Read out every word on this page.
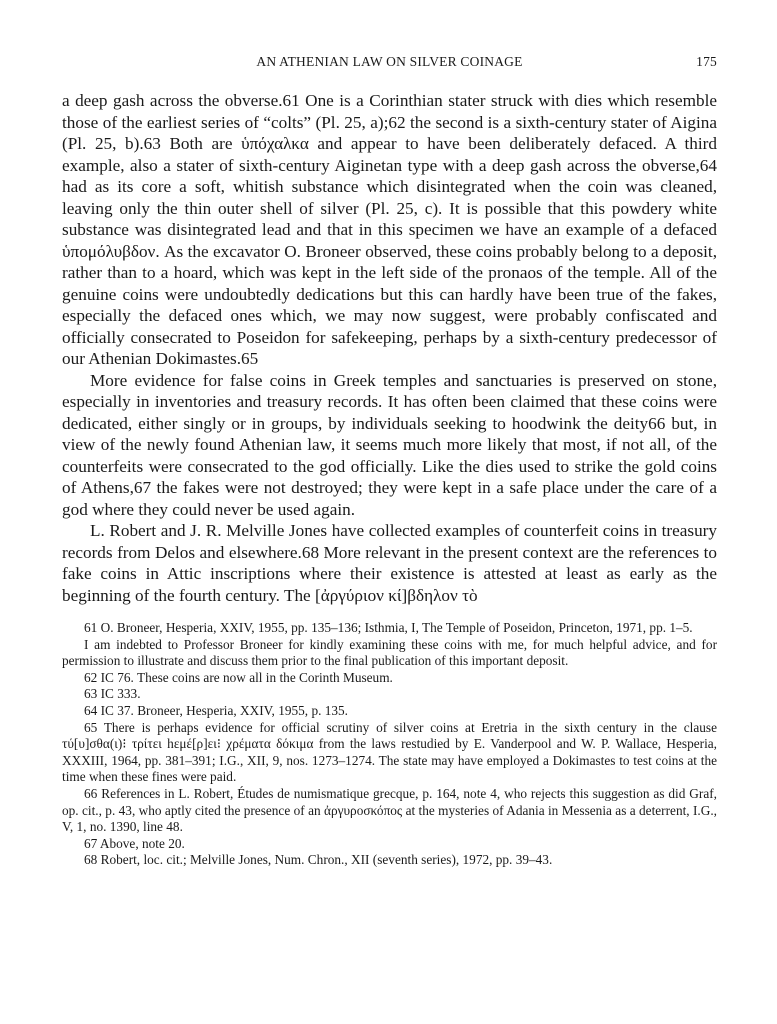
AN ATHENIAN LAW ON SILVER COINAGE	175

a deep gash across the obverse.61 One is a Corinthian stater struck with dies which resemble those of the earliest series of “colts” (Pl. 25, a);62 the second is a sixth-century stater of Aigina (Pl. 25, b).63 Both are ὑπόχαλκα and appear to have been deliberately defaced. A third example, also a stater of sixth-century Aiginetan type with a deep gash across the obverse,64 had as its core a soft, whitish substance which disintegrated when the coin was cleaned, leaving only the thin outer shell of silver (Pl. 25, c). It is possible that this powdery white substance was disintegrated lead and that in this specimen we have an example of a defaced ὑπομόλυβδον. As the excavator O. Broneer observed, these coins probably belong to a deposit, rather than to a hoard, which was kept in the left side of the pronaos of the temple. All of the genuine coins were undoubtedly dedications but this can hardly have been true of the fakes, especially the defaced ones which, we may now suggest, were probably confiscated and officially consecrated to Poseidon for safekeeping, perhaps by a sixth-century predecessor of our Athenian Dokimastes.65

More evidence for false coins in Greek temples and sanctuaries is preserved on stone, especially in inventories and treasury records. It has often been claimed that these coins were dedicated, either singly or in groups, by individuals seeking to hoodwink the deity66 but, in view of the newly found Athenian law, it seems much more likely that most, if not all, of the counterfeits were consecrated to the god officially. Like the dies used to strike the gold coins of Athens,67 the fakes were not destroyed; they were kept in a safe place under the care of a god where they could never be used again.

L. Robert and J. R. Melville Jones have collected examples of counterfeit coins in treasury records from Delos and elsewhere.68 More relevant in the present context are the references to fake coins in Attic inscriptions where their existence is attested at least as early as the beginning of the fourth century. The [ἀργύριον κί]βδηλον τὸ

61 O. Broneer, Hesperia, XXIV, 1955, pp. 135–136; Isthmia, I, The Temple of Poseidon, Princeton, 1971, pp. 1–5.

I am indebted to Professor Broneer for kindly examining these coins with me, for much helpful advice, and for permission to illustrate and discuss them prior to the final publication of this important deposit.

62 IC 76. These coins are now all in the Corinth Museum.

63 IC 333.

64 IC 37. Broneer, Hesperia, XXIV, 1955, p. 135.

65 There is perhaps evidence for official scrutiny of silver coins at Eretria in the sixth century in the clause τύ[υ]σθα(ι)⁝ τρίτει hεμέ[ρ]ει⁝ χρέματα δόκιμα from the laws restudied by E. Vanderpool and W. P. Wallace, Hesperia, XXXIII, 1964, pp. 381–391; I.G., XII, 9, nos. 1273–1274. The state may have employed a Dokimastes to test coins at the time when these fines were paid.

66 References in L. Robert, Études de numismatique grecque, p. 164, note 4, who rejects this suggestion as did Graf, op. cit., p. 43, who aptly cited the presence of an ἀργυροσκόπος at the mysteries of Adania in Messenia as a deterrent, I.G., V, 1, no. 1390, line 48.

67 Above, note 20.

68 Robert, loc. cit.; Melville Jones, Num. Chron., XII (seventh series), 1972, pp. 39–43.
